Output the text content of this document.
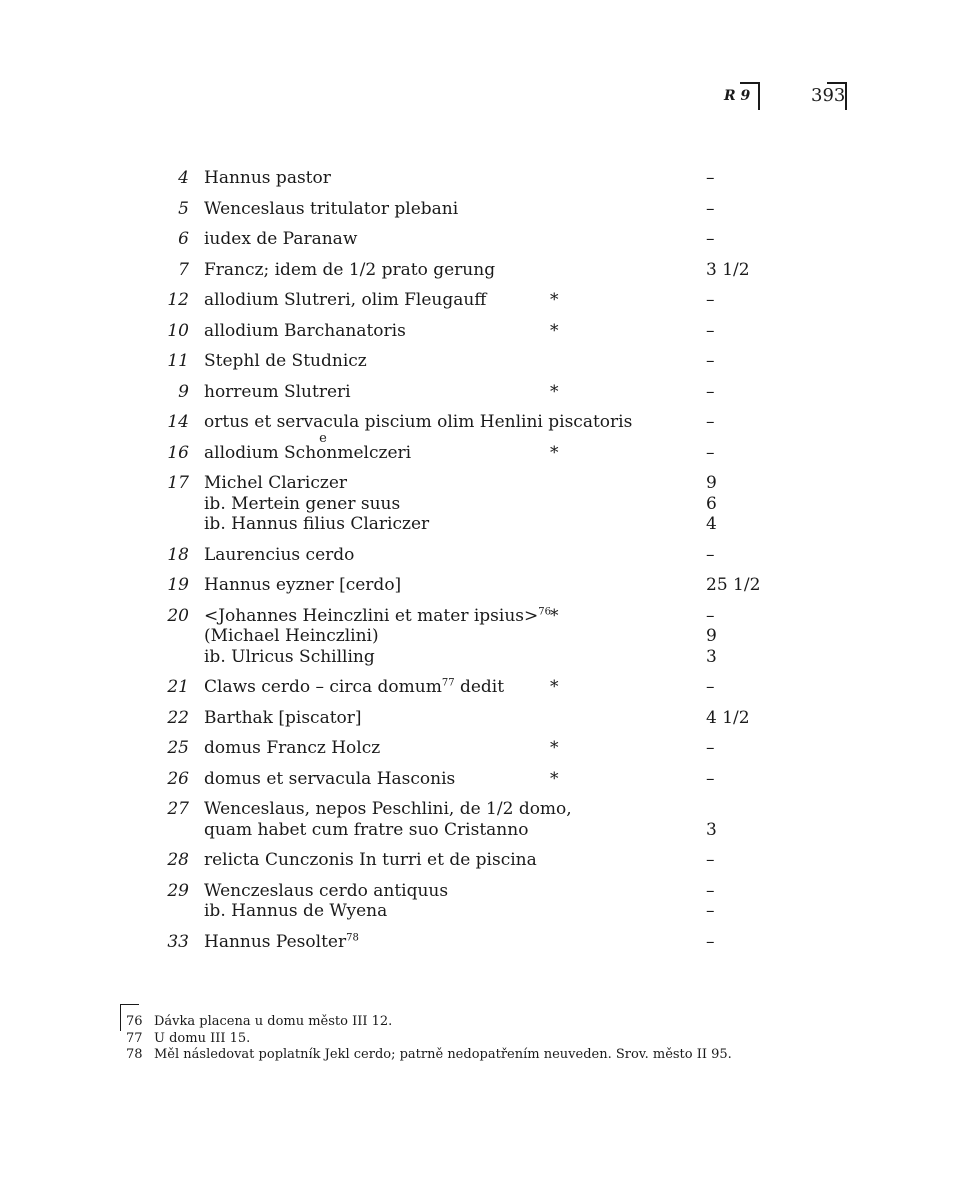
R 9	393
4 Hannus pastor	–
5 Wenceslaus tritulator plebani	–
6 iudex de Paranaw	–
7 Francz; idem de 1/2 prato gerung	3 1/2
12 allodium Slutreri, olim Fleugauff	*	–
10 allodium Barchanatoris	*	–
11 Stephl de Studnicz	–
9 horreum Slutreri	*	–
14 ortus et servacula piscium olim Henlini piscatoris	–
16 allodium Scho
e
nmelczeri	*	–
17 Michel Clariczer	9
ib. Mertein gener suus	6
ib. Hannus filius Clariczer	4
18 Laurencius cerdo	–
19 Hannus eyzner [cerdo]	25 1/2
20 <Johannes Heinczlini et mater ipsius>$^{76}$ *	–
(Michael Heinczlini)	9
ib. Ulricus Schilling	3
21 Claws cerdo – circa domum$^{77}$ dedit	*	–
22 Barthak [piscator]	4 1/2
25 domus Francz Holcz	*	–
26 domus et servacula Hasconis	*	–
27 Wenceslaus, nepos Peschlini, de 1/2 domo,
quam habet cum fratre suo Cristanno	3
28 relicta Cunczonis In turri et de piscina	–
29 Wenczeslaus cerdo antiquus	–
ib. Hannus de Wyena	–
33 Hannus Pesolter$^{78}$	–
76 Dávka placena u domu město III 12.
77 U domu III 15.
78 Měl následovat poplatník Jekl cerdo; patrně nedopatřením neuveden. Srov. město II 95.
